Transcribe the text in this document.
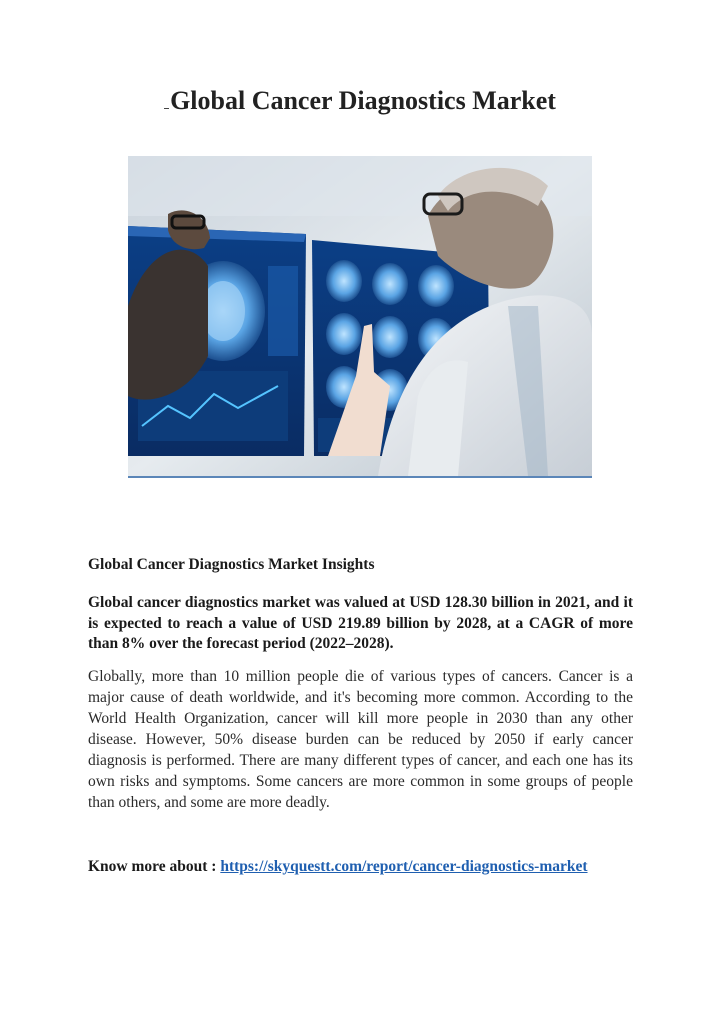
Global Cancer Diagnostics Market
Global Cancer Diagnostics Market Insights

Global cancer diagnostics market was valued at USD 128.30 billion in 2021, and it is expected to reach a value of USD 219.89 billion by 2028, at a CAGR of more than 8% over the forecast period (2022–2028).

Globally, more than 10 million people die of various types of cancers. Cancer is a major cause of death worldwide, and it's becoming more common. According to the World Health Organization, cancer will kill more people in 2030 than any other disease. However, 50% disease burden can be reduced by 2050 if early cancer diagnosis is performed. There are many different types of cancer, and each one has its own risks and symptoms. Some cancers are more common in some groups of people than others, and some are more deadly.

Know more about : https://skyquestt.com/report/cancer-diagnostics-market
